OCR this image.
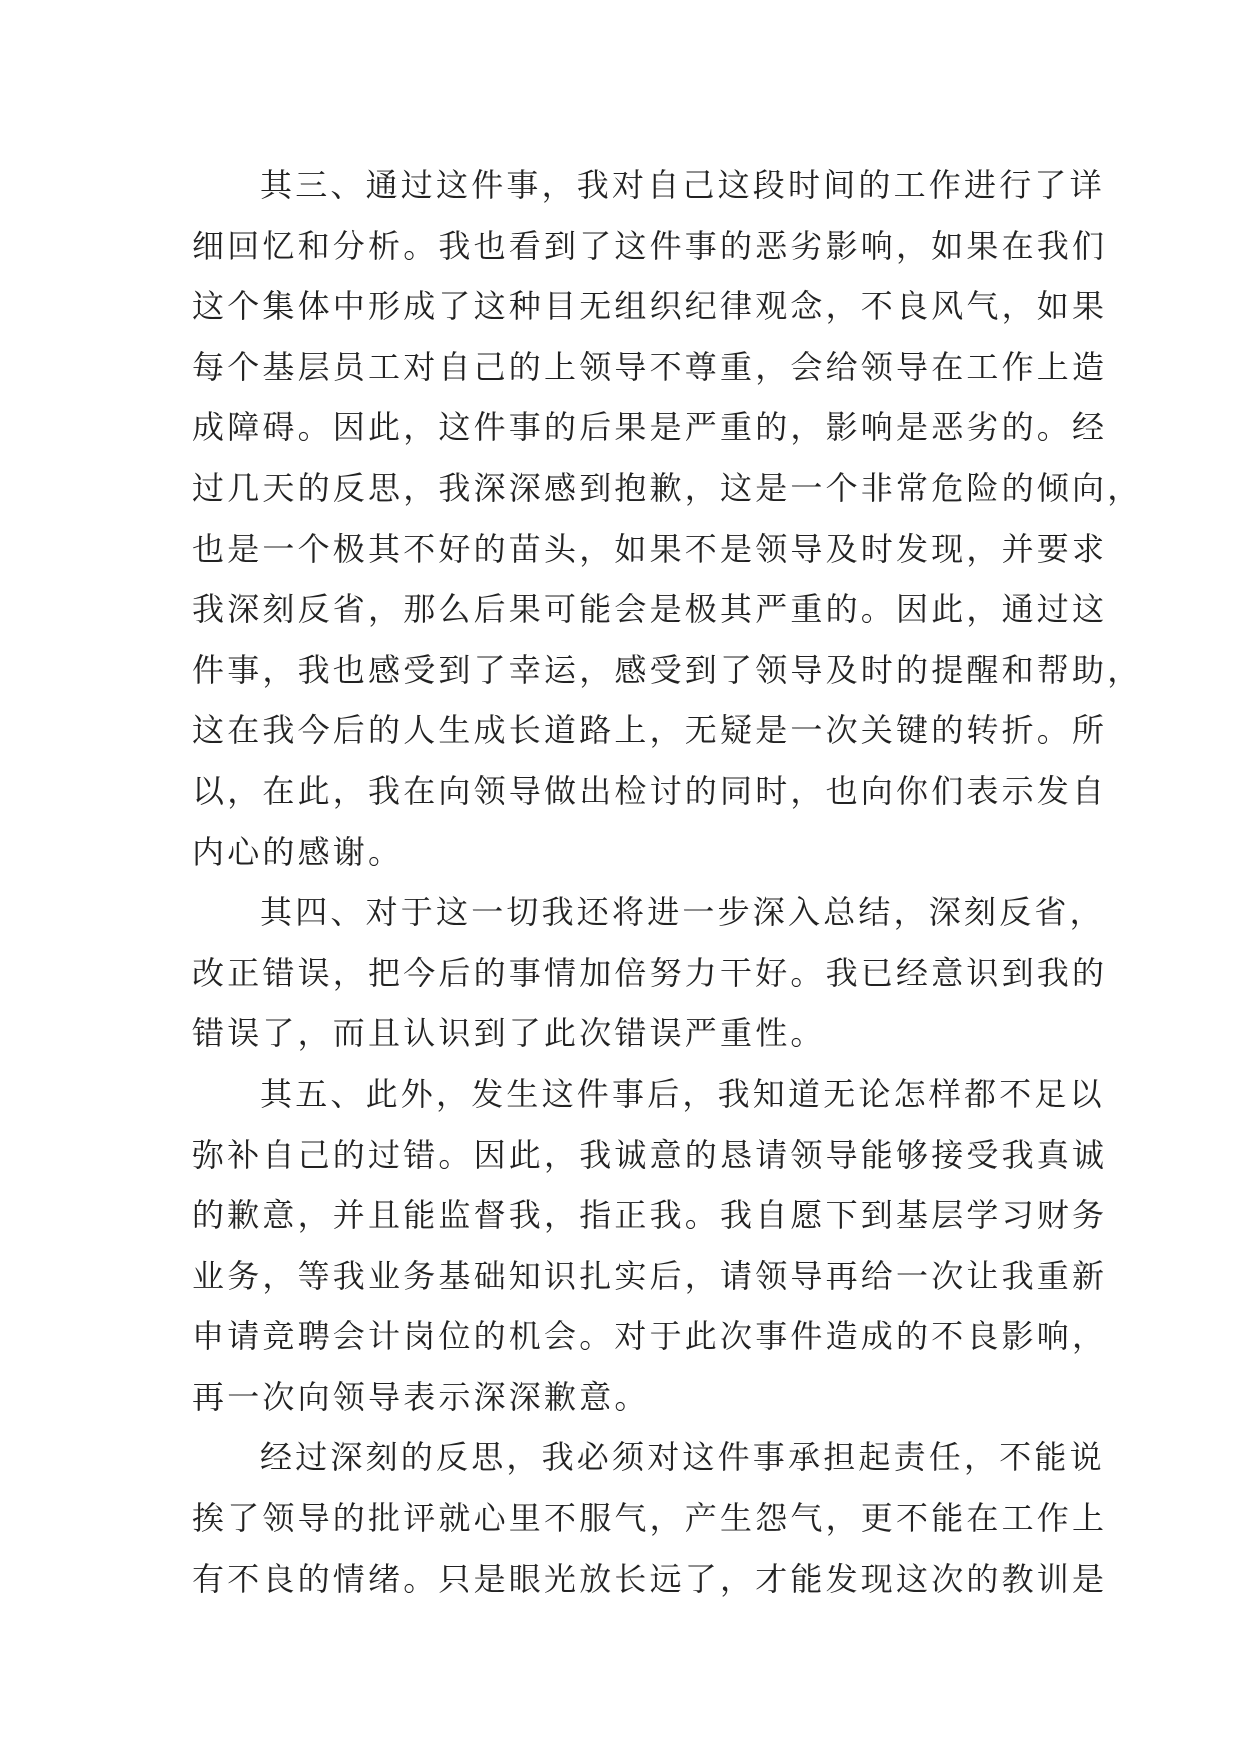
其三、通过这件事，我对自己这段时间的工作进行了详
细回忆和分析。我也看到了这件事的恶劣影响，如果在我们
这个集体中形成了这种目无组织纪律观念，不良风气，如果
每个基层员工对自己的上领导不尊重，会给领导在工作上造
成障碍。因此，这件事的后果是严重的，影响是恶劣的。经
过几天的反思，我深深感到抱歉，这是一个非常危险的倾向，
也是一个极其不好的苗头，如果不是领导及时发现，并要求
我深刻反省，那么后果可能会是极其严重的。因此，通过这
件事，我也感受到了幸运，感受到了领导及时的提醒和帮助，
这在我今后的人生成长道路上，无疑是一次关键的转折。所
以，在此，我在向领导做出检讨的同时，也向你们表示发自
内心的感谢。
其四、对于这一切我还将进一步深入总结，深刻反省，
改正错误，把今后的事情加倍努力干好。我已经意识到我的
错误了，而且认识到了此次错误严重性。
其五、此外，发生这件事后，我知道无论怎样都不足以
弥补自己的过错。因此，我诚意的恳请领导能够接受我真诚
的歉意，并且能监督我，指正我。我自愿下到基层学习财务
业务，等我业务基础知识扎实后，请领导再给一次让我重新
申请竞聘会计岗位的机会。对于此次事件造成的不良影响，
再一次向领导表示深深歉意。
经过深刻的反思，我必须对这件事承担起责任，不能说
挨了领导的批评就心里不服气，产生怨气，更不能在工作上
有不良的情绪。只是眼光放长远了，才能发现这次的教训是
